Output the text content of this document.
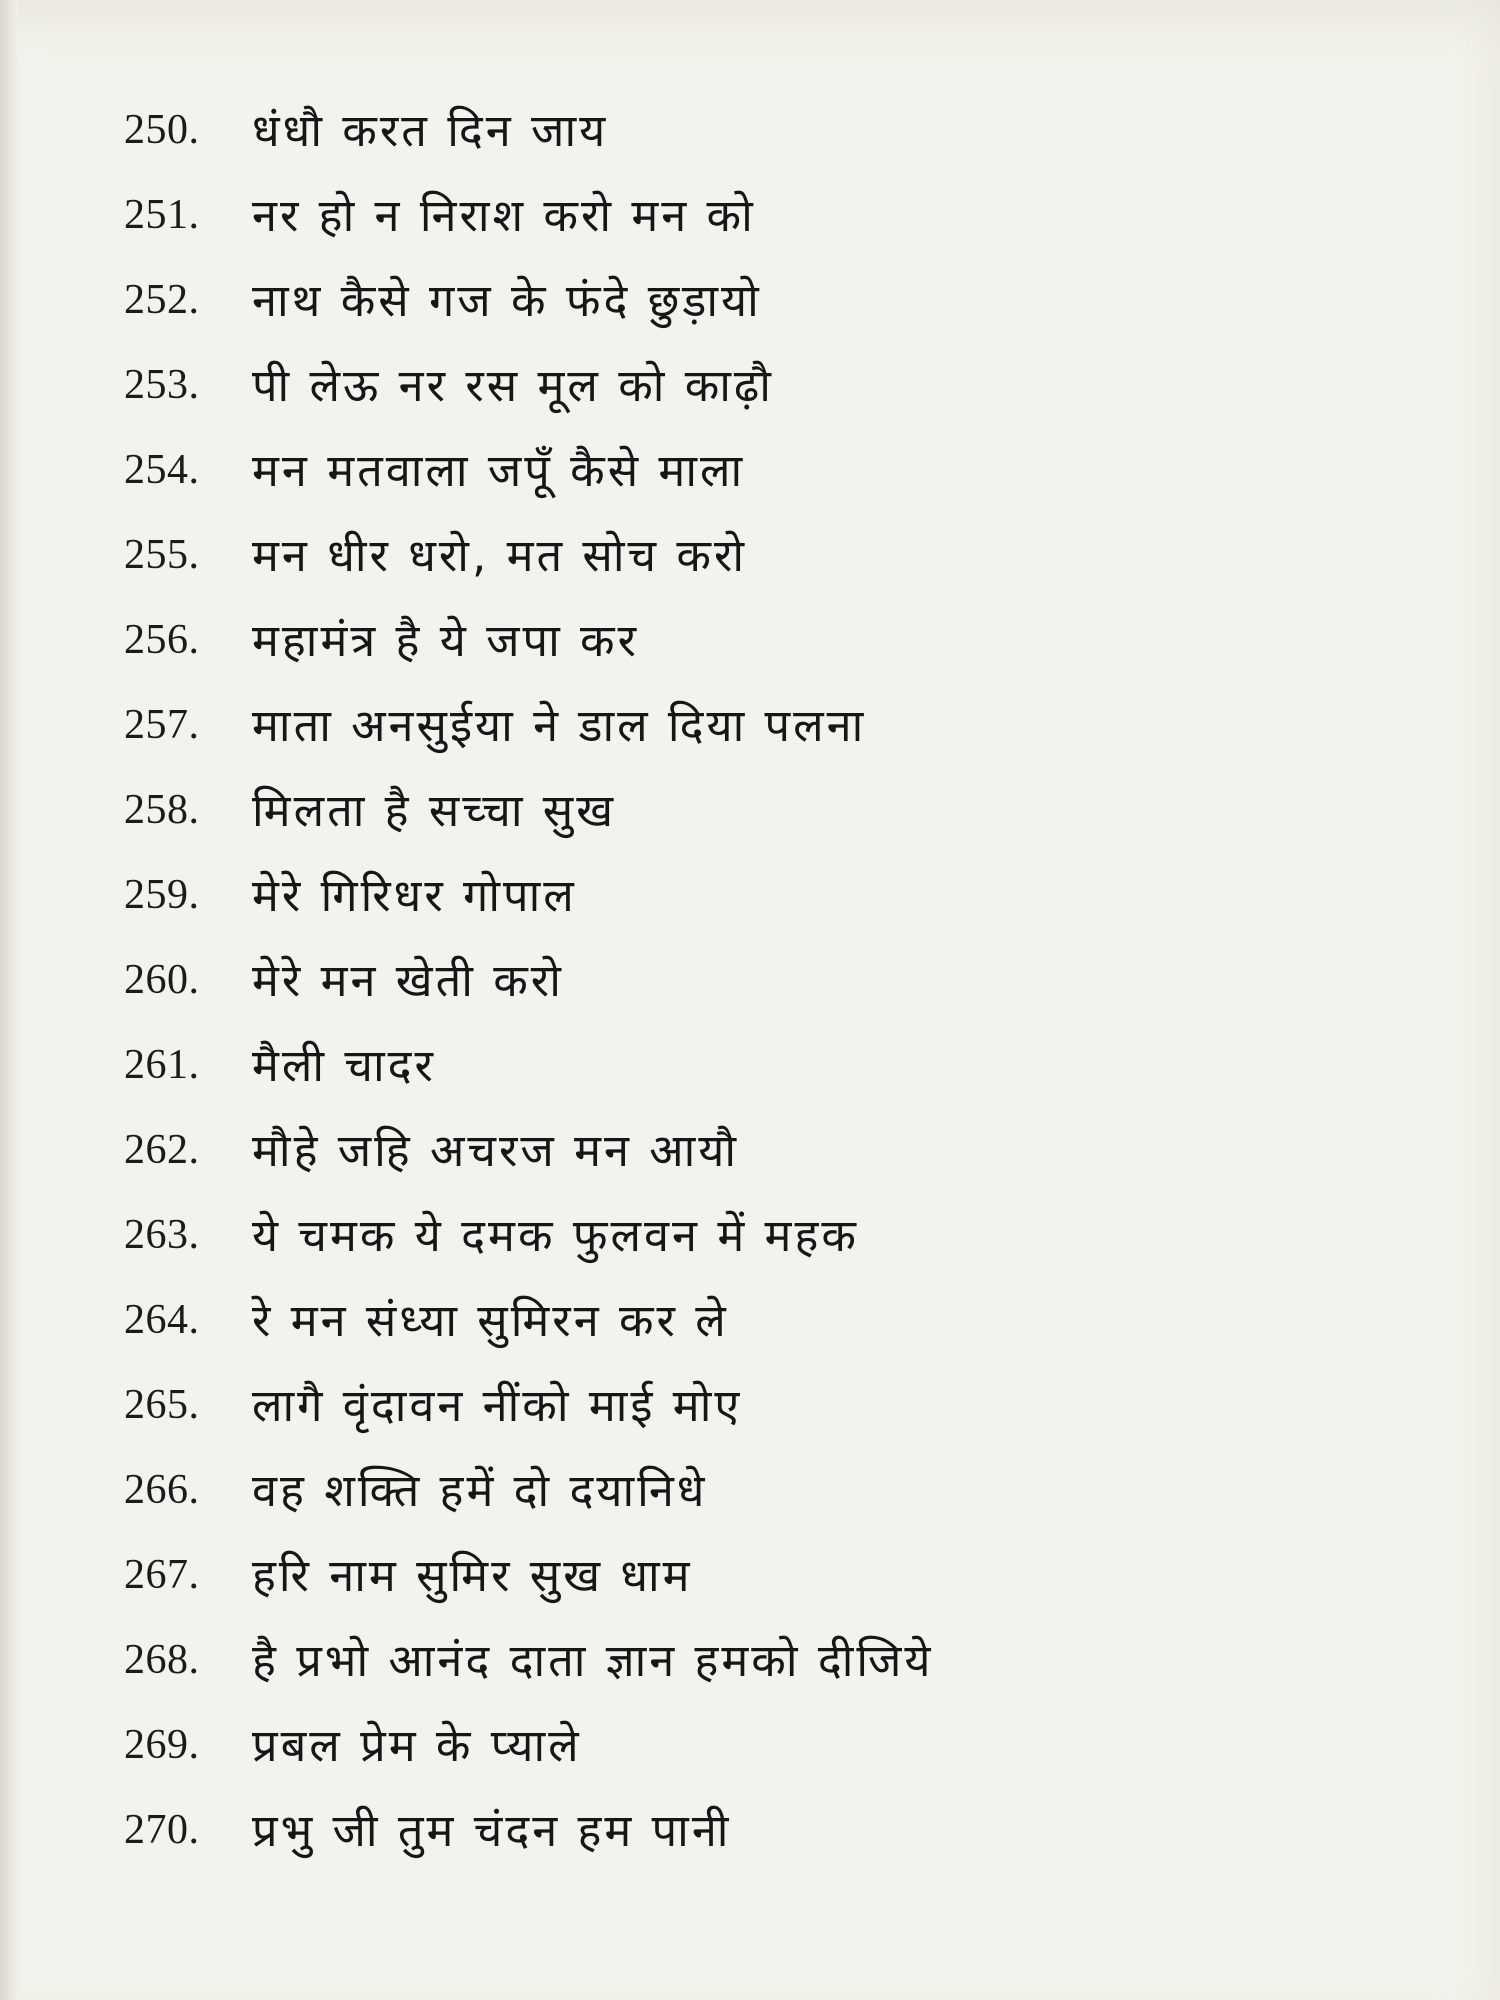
250.	धंधौ करत दिन जाय
251.	नर हो न निराश करो मन को
252.	नाथ कैसे गज के फंदे छुड़ायो
253.	पी लेऊ नर रस मूल को काढ़ौ
254.	मन मतवाला जपूँ कैसे माला
255.	मन धीर धरो, मत सोच करो
256.	महामंत्र है ये जपा कर
257.	माता अनसुईया ने डाल दिया पलना
258.	मिलता है सच्चा सुख
259.	मेरे गिरिधर गोपाल
260.	मेरे मन खेती करो
261.	मैली चादर
262.	मौहे जहि अचरज मन आयौ
263.	ये चमक ये दमक फुलवन में महक
264.	रे मन संध्या सुमिरन कर ले
265.	लागै वृंदावन नींको माई मोए
266.	वह शक्ति हमें दो दयानिधे
267.	हरि नाम सुमिर सुख धाम
268.	है प्रभो आनंद दाता ज्ञान हमको दीजिये
269.	प्रबल प्रेम के प्याले
270.	प्रभु जी तुम चंदन हम पानी
